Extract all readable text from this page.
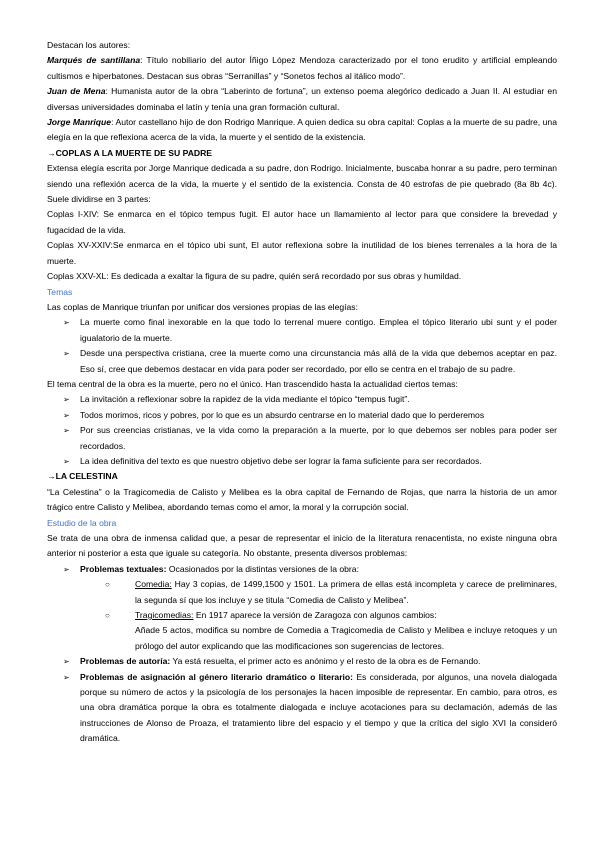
Destacan los autores:

Marqués de santillana: Título nobiliario del autor Íñigo López Mendoza caracterizado por el tono erudito y artificial empleando cultismos e hiperbatones. Destacan sus obras “Serranillas” y “Sonetos fechos al itálico modo”.

Juan de Mena: Humanista autor de la obra “Laberinto de fortuna”, un extenso poema alegórico dedicado a Juan II. Al estudiar en diversas universidades dominaba el latín y tenía una gran formación cultural.

Jorge Manrique: Autor castellano hijo de don Rodrigo Manrique. A quien dedica su obra capital: Coplas a la muerte de su padre, una elegía en la que reflexiona acerca de la vida, la muerte y el sentido de la existencia.

→COPLAS A LA MUERTE DE SU PADRE

Extensa elegía escrita por Jorge Manrique dedicada a su padre, don Rodrigo. Inicialmente, buscaba honrar a su padre, pero terminan siendo una reflexión acerca de la vida, la muerte y el sentido de la existencia. Consta de 40 estrofas de pie quebrado (8a 8b 4c). Suele dividirse en 3 partes:

Coplas I-XIV: Se enmarca en el tópico tempus fugit. El autor hace un llamamiento al lector para que considere la brevedad y fugacidad de la vida.

Coplas XV-XXIV:Se enmarca en el tópico ubi sunt, El autor reflexiona sobre la inutilidad de los bienes terrenales a la hora de la muerte.

Coplas XXV-XL: Es dedicada a exaltar la figura de su padre, quién será recordado por sus obras y humildad.

Temas

Las coplas de Manrique triunfan por unificar dos versiones propias de las elegías:

➢ La muerte como final inexorable en la que todo lo terrenal muere contigo. Emplea el tópico literario ubi sunt y el poder igualatorio de la muerte.
➢ Desde una perspectiva cristiana, cree la muerte como una circunstancia más allá de la vida que debemos aceptar en paz. Eso sí, cree que debemos destacar en vida para poder ser recordado, por ello se centra en el trabajo de su padre.

El tema central de la obra es la muerte, pero no el único. Han trascendido hasta la actualidad ciertos temas:

➢ La invitación a reflexionar sobre la rapidez de la vida mediante el tópico “tempus fugit”.
➢ Todos morimos, ricos y pobres, por lo que es un absurdo centrarse en lo material dado que lo perderemos
➢ Por sus creencias cristianas, ve la vida como la preparación a la muerte, por lo que debemos ser nobles para poder ser recordados.
➢ La idea definitiva del texto es que nuestro objetivo debe ser lograr la fama suficiente para ser recordados.

→LA CELESTINA

“La Celestina” o la Tragicomedia de Calisto y Melibea es la obra capital de Fernando de Rojas, que narra la historia de un amor trágico entre Calisto y Melibea, abordando temas como el amor, la moral y la corrupción social.

Estudio de la obra

Se trata de una obra de inmensa calidad que, a pesar de representar el inicio de la literatura renacentista, no existe ninguna obra anterior ni posterior a esta que iguale su categoría. No obstante, presenta diversos problemas:

➢ Problemas textuales: Ocasionados por la distintas versiones de la obra:
○	Comedia: Hay 3 copias, de 1499,1500 y 1501. La primera de ellas está incompleta y carece de preliminares, la segunda sí que los incluye y se titula “Comedia de Calisto y Melibea”.
○	Tragicomedias: En 1917 aparece la versión de Zaragoza con algunos cambios:
Añade 5 actos, modifica su nombre de Comedia a Tragicomedia de Calisto y Melibea e incluye retoques y un prólogo del autor explicando que las modificaciones son sugerencias de lectores.
➢ Problemas de autoría: Ya está resuelta, el primer acto es anónimo y el resto de la obra es de Fernando.
➢ Problemas de asignación al género literario dramático o literario: Es considerada, por algunos, una novela dialogada porque su número de actos y la psicología de los personajes la hacen imposible de representar. En cambio, para otros, es una obra dramática porque la obra es totalmente dialogada e incluye acotaciones para su declamación, además de las instrucciones de Alonso de Proaza, el tratamiento libre del espacio y el tiempo y que la crítica del siglo XVI la consideró dramática.
